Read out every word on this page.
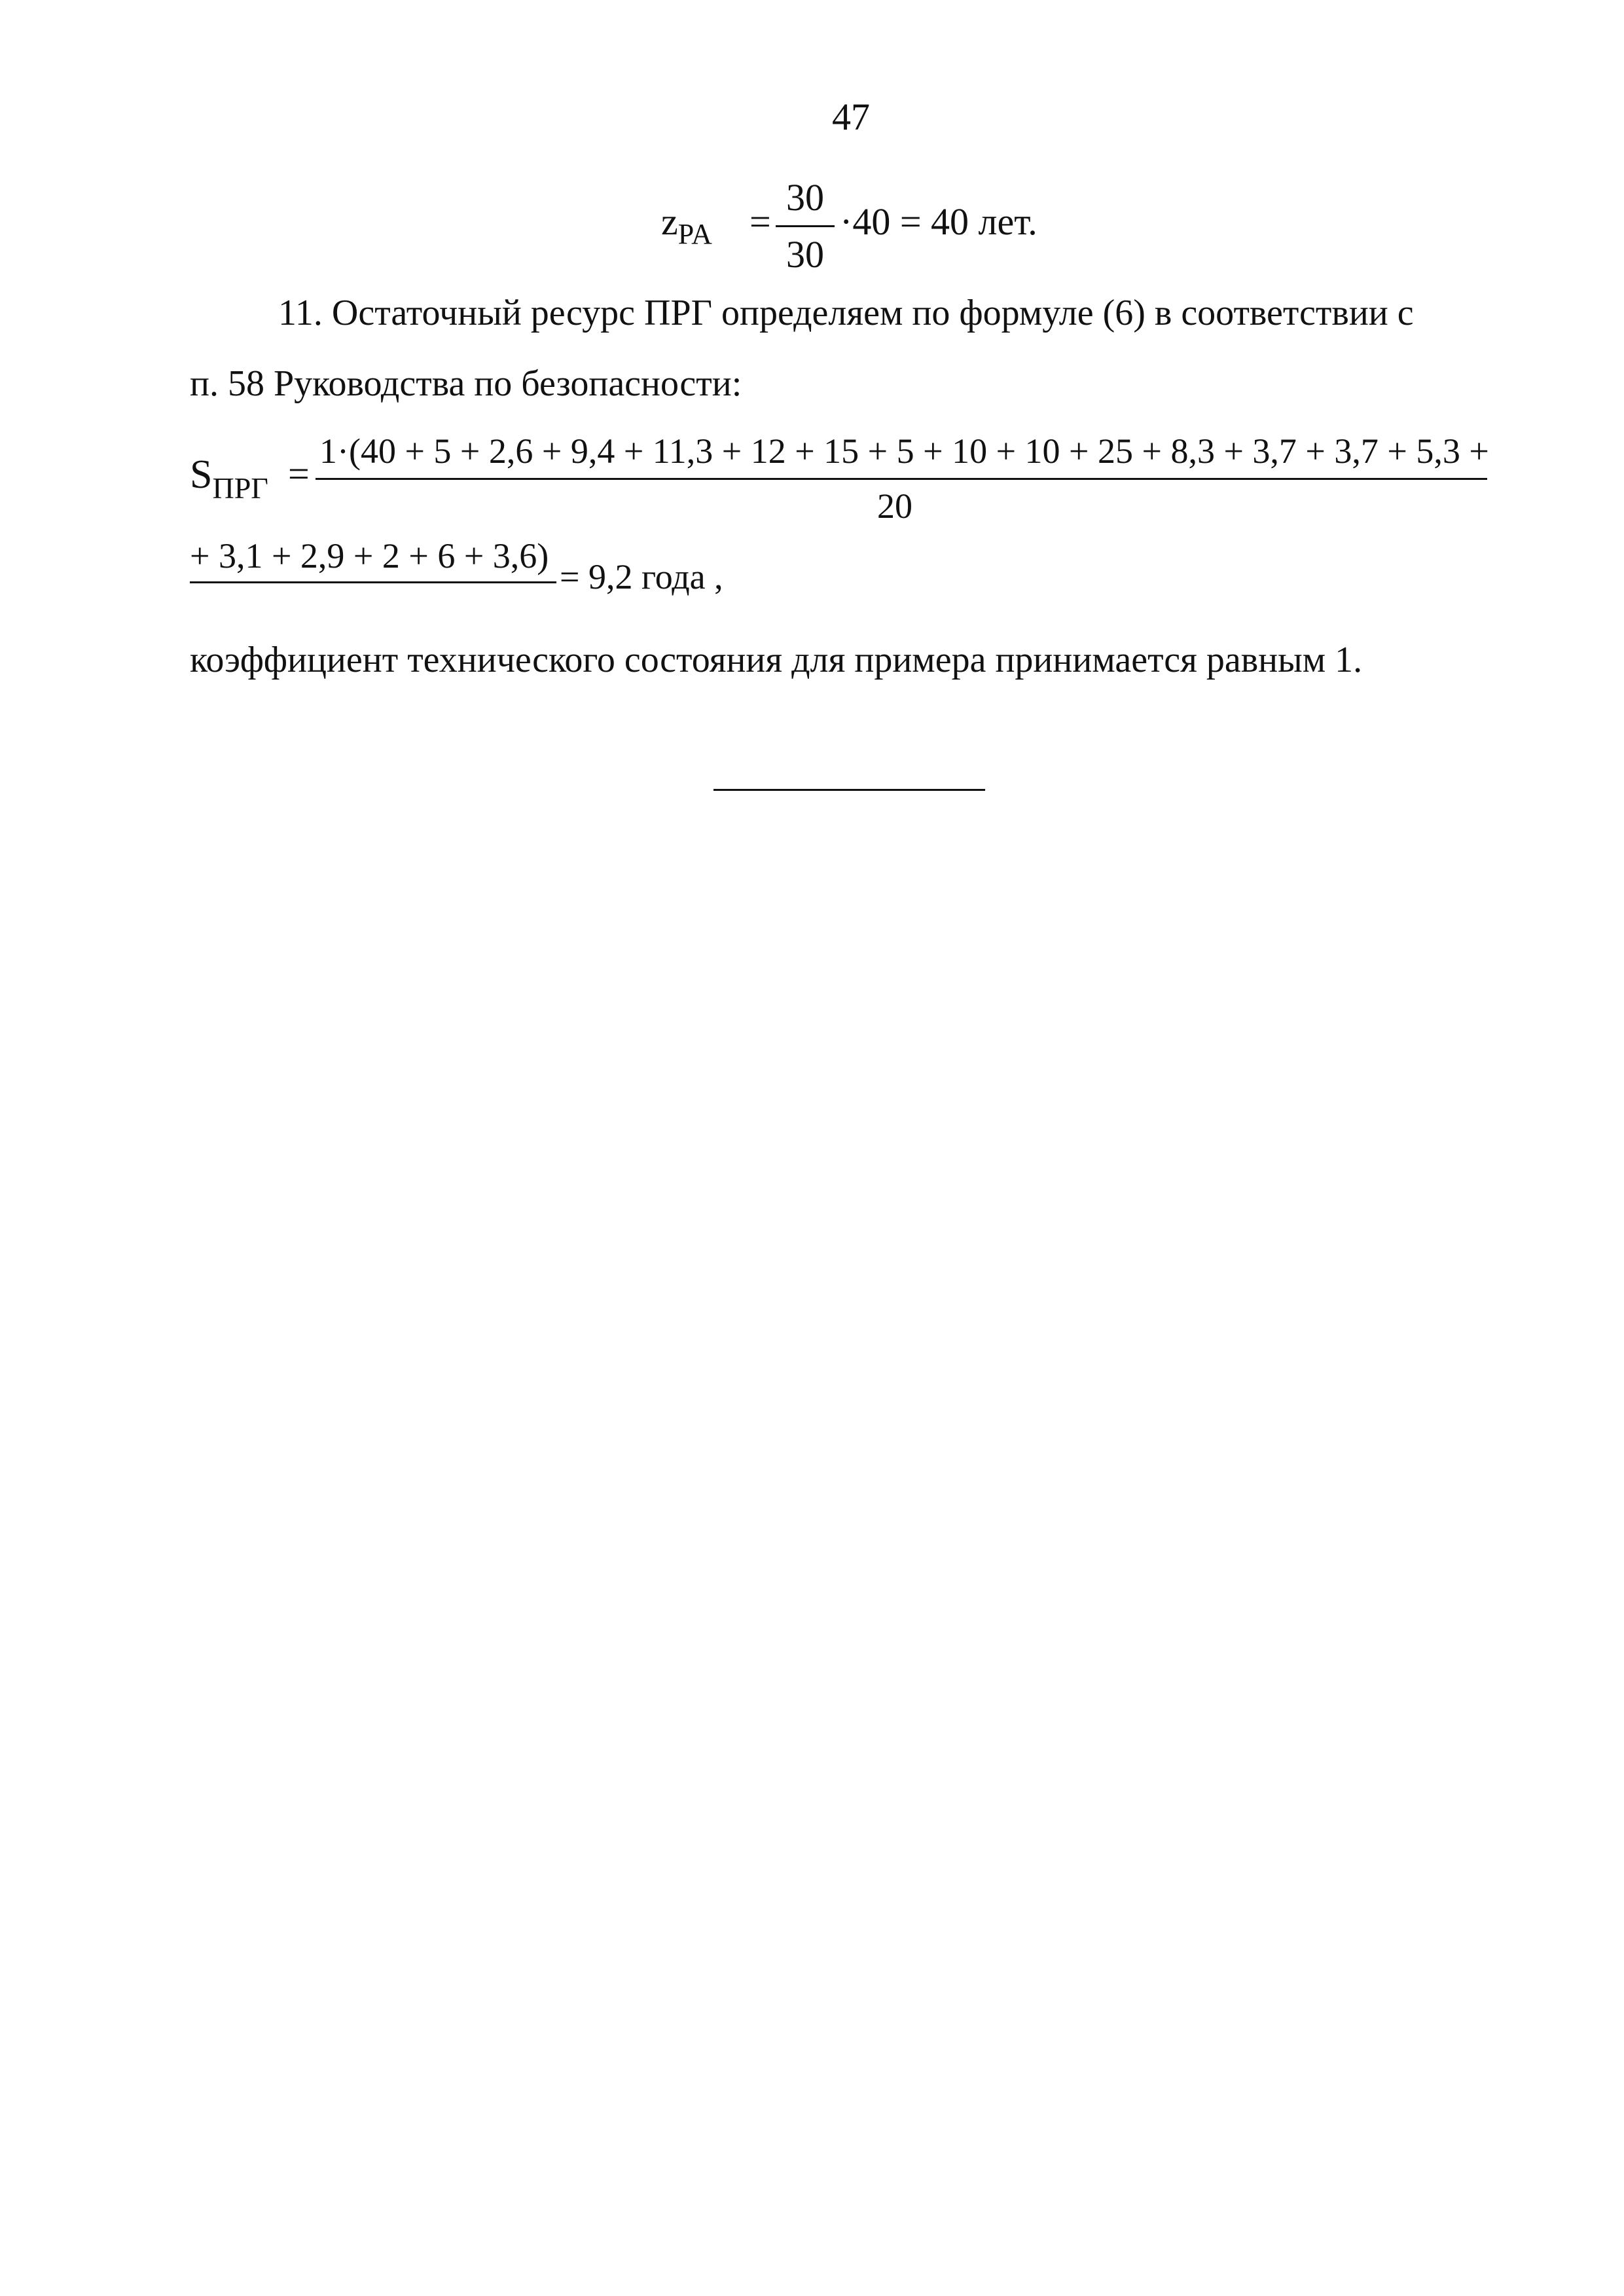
47
$z_{PA}$ =
30
30
·40 = 40 лет.
11. Остаточный ресурс ПРГ определяем по формуле (6) в соответствии с
п. 58 Руководства по безопасности:
$S_{ПРГ}$ =
1·(40 + 5 + 2,6 + 9,4 + 11,3 + 12 + 15 + 5 + 10 + 10 + 25 + 8,3 + 3,7 + 3,7 + 5,3 +
20
+ 3,1 + 2,9 + 2 + 6 + 3,6)
= 9,2 года ,
коэффициент технического состояния для примера принимается равным 1.
